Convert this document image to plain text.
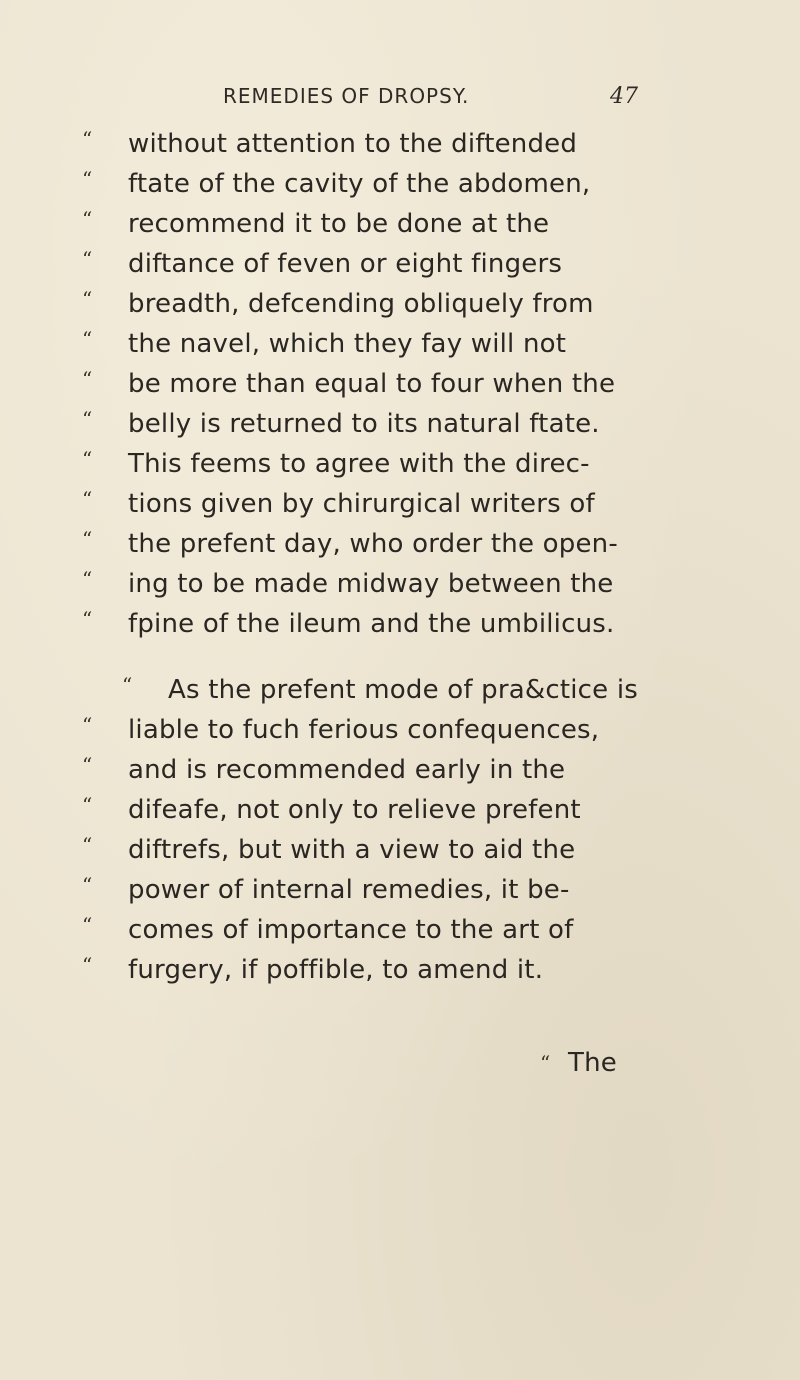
REMEDIES OF DROPSY.	47
“ without attention to the diftended
“ ftate of the cavity of the abdomen,
“ recommend it to be done at the
“ diftance of feven or eight fingers
“ breadth, defcending obliquely from
“ the navel, which they fay will not
“ be more than equal to four when the
“ belly is returned to its natural ftate.
“ This feems to agree with the direc-
“ tions given by chirurgical writers of
“ the prefent day, who order the open-
“ ing to be made midway between the
“ fpine of the ileum and the umbilicus.
“ As the prefent mode of pra&ctice is
“ liable to fuch ferious confequences,
“ and is recommended early in the
“ difeafe, not only to relieve prefent
“ diftrefs, but with a view to aid the
“ power of internal remedies, it be-
“ comes of importance to the art of
“ furgery, if poffible, to amend it.
“ The
